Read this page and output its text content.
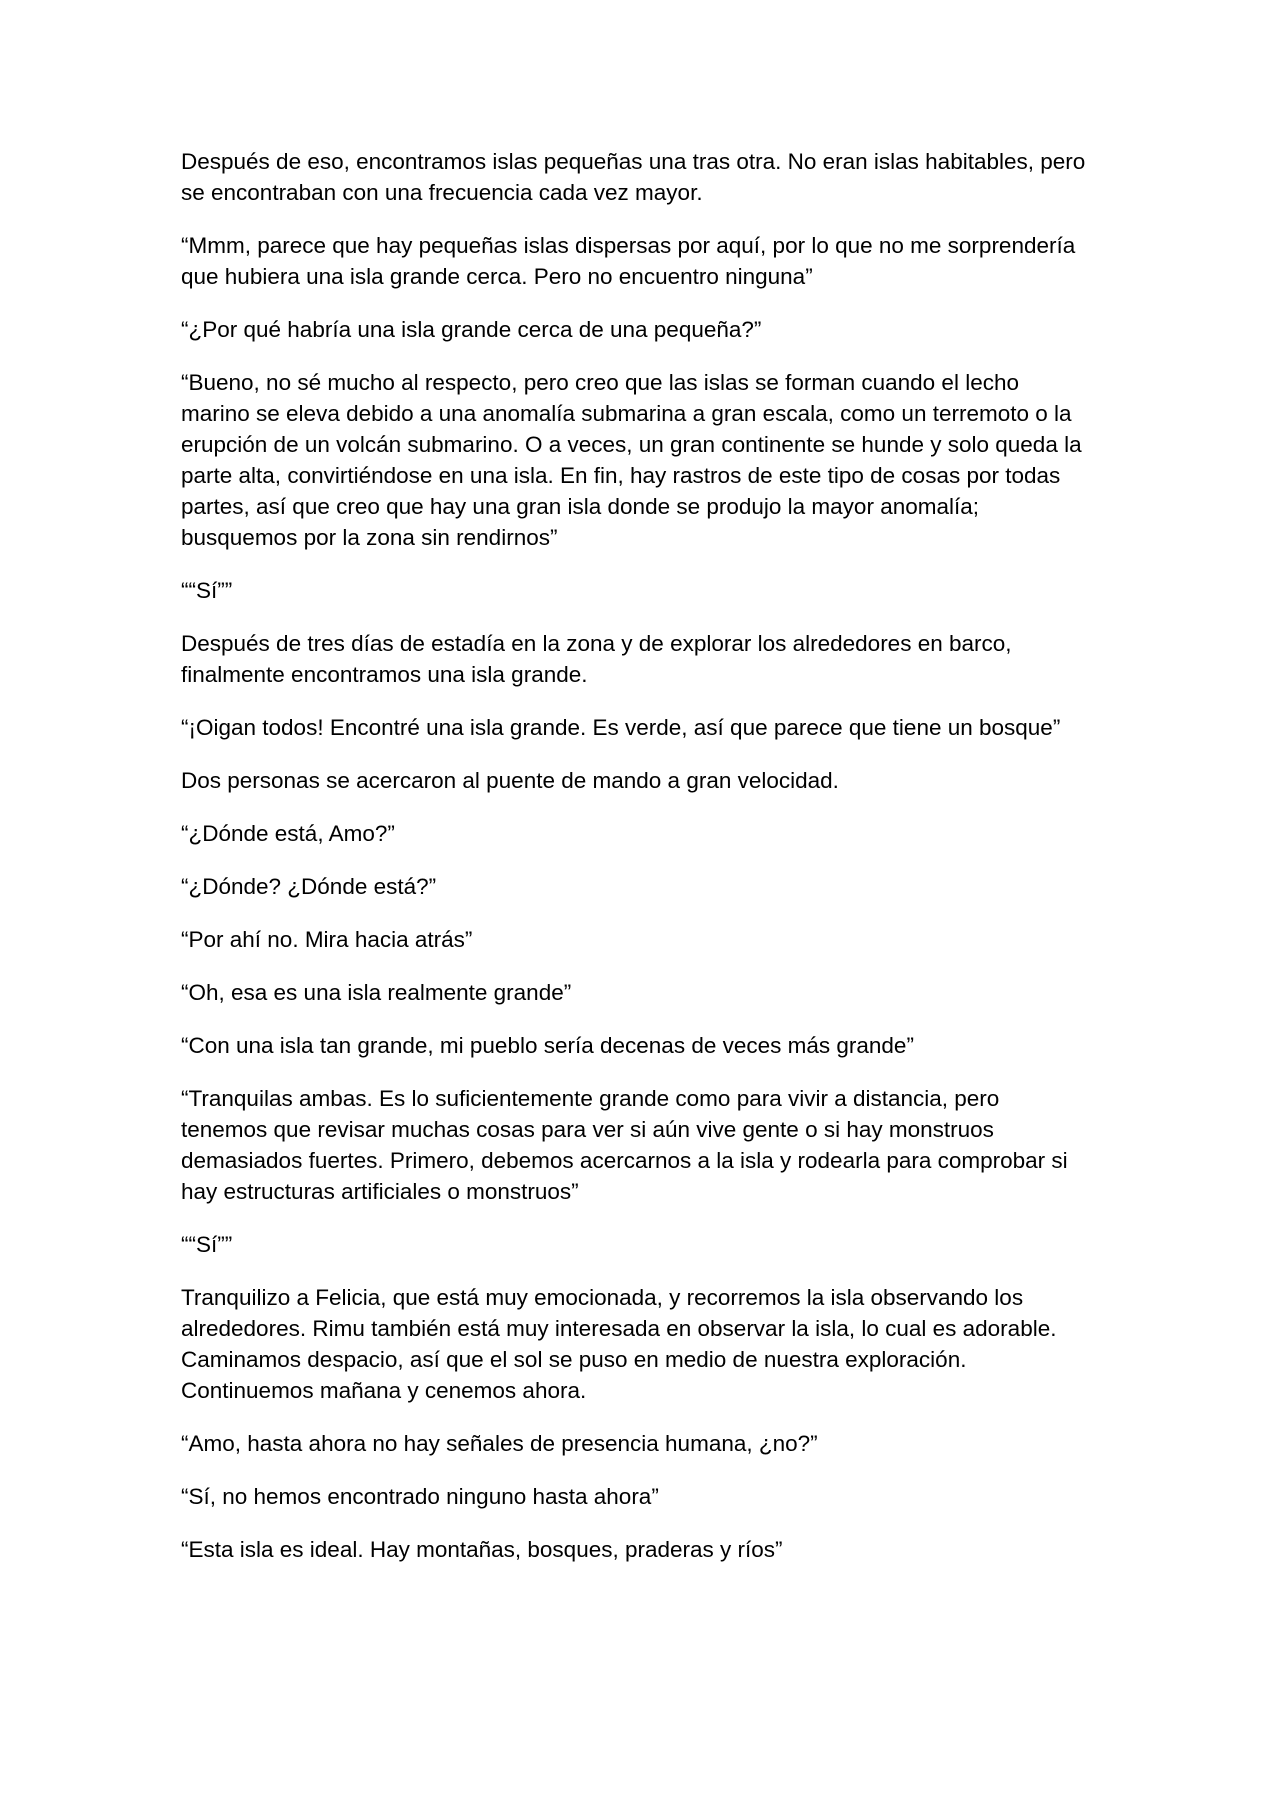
Después de eso, encontramos islas pequeñas una tras otra. No eran islas habitables, pero se encontraban con una frecuencia cada vez mayor.

“Mmm, parece que hay pequeñas islas dispersas por aquí, por lo que no me sorprendería que hubiera una isla grande cerca. Pero no encuentro ninguna”

“¿Por qué habría una isla grande cerca de una pequeña?”

“Bueno, no sé mucho al respecto, pero creo que las islas se forman cuando el lecho marino se eleva debido a una anomalía submarina a gran escala, como un terremoto o la erupción de un volcán submarino. O a veces, un gran continente se hunde y solo queda la parte alta, convirtiéndose en una isla. En fin, hay rastros de este tipo de cosas por todas partes, así que creo que hay una gran isla donde se produjo la mayor anomalía; busquemos por la zona sin rendirnos”

““Sí””

Después de tres días de estadía en la zona y de explorar los alrededores en barco, finalmente encontramos una isla grande.

“¡Oigan todos! Encontré una isla grande. Es verde, así que parece que tiene un bosque”

Dos personas se acercaron al puente de mando a gran velocidad.

“¿Dónde está, Amo?”

“¿Dónde? ¿Dónde está?”

“Por ahí no. Mira hacia atrás”

“Oh, esa es una isla realmente grande”

“Con una isla tan grande, mi pueblo sería decenas de veces más grande”

“Tranquilas ambas. Es lo suficientemente grande como para vivir a distancia, pero tenemos que revisar muchas cosas para ver si aún vive gente o si hay monstruos demasiados fuertes. Primero, debemos acercarnos a la isla y rodearla para comprobar si hay estructuras artificiales o monstruos”

““Sí””

Tranquilizo a Felicia, que está muy emocionada, y recorremos la isla observando los alrededores. Rimu también está muy interesada en observar la isla, lo cual es adorable. Caminamos despacio, así que el sol se puso en medio de nuestra exploración. Continuemos mañana y cenemos ahora.

“Amo, hasta ahora no hay señales de presencia humana, ¿no?”

“Sí, no hemos encontrado ninguno hasta ahora”

“Esta isla es ideal. Hay montañas, bosques, praderas y ríos”
